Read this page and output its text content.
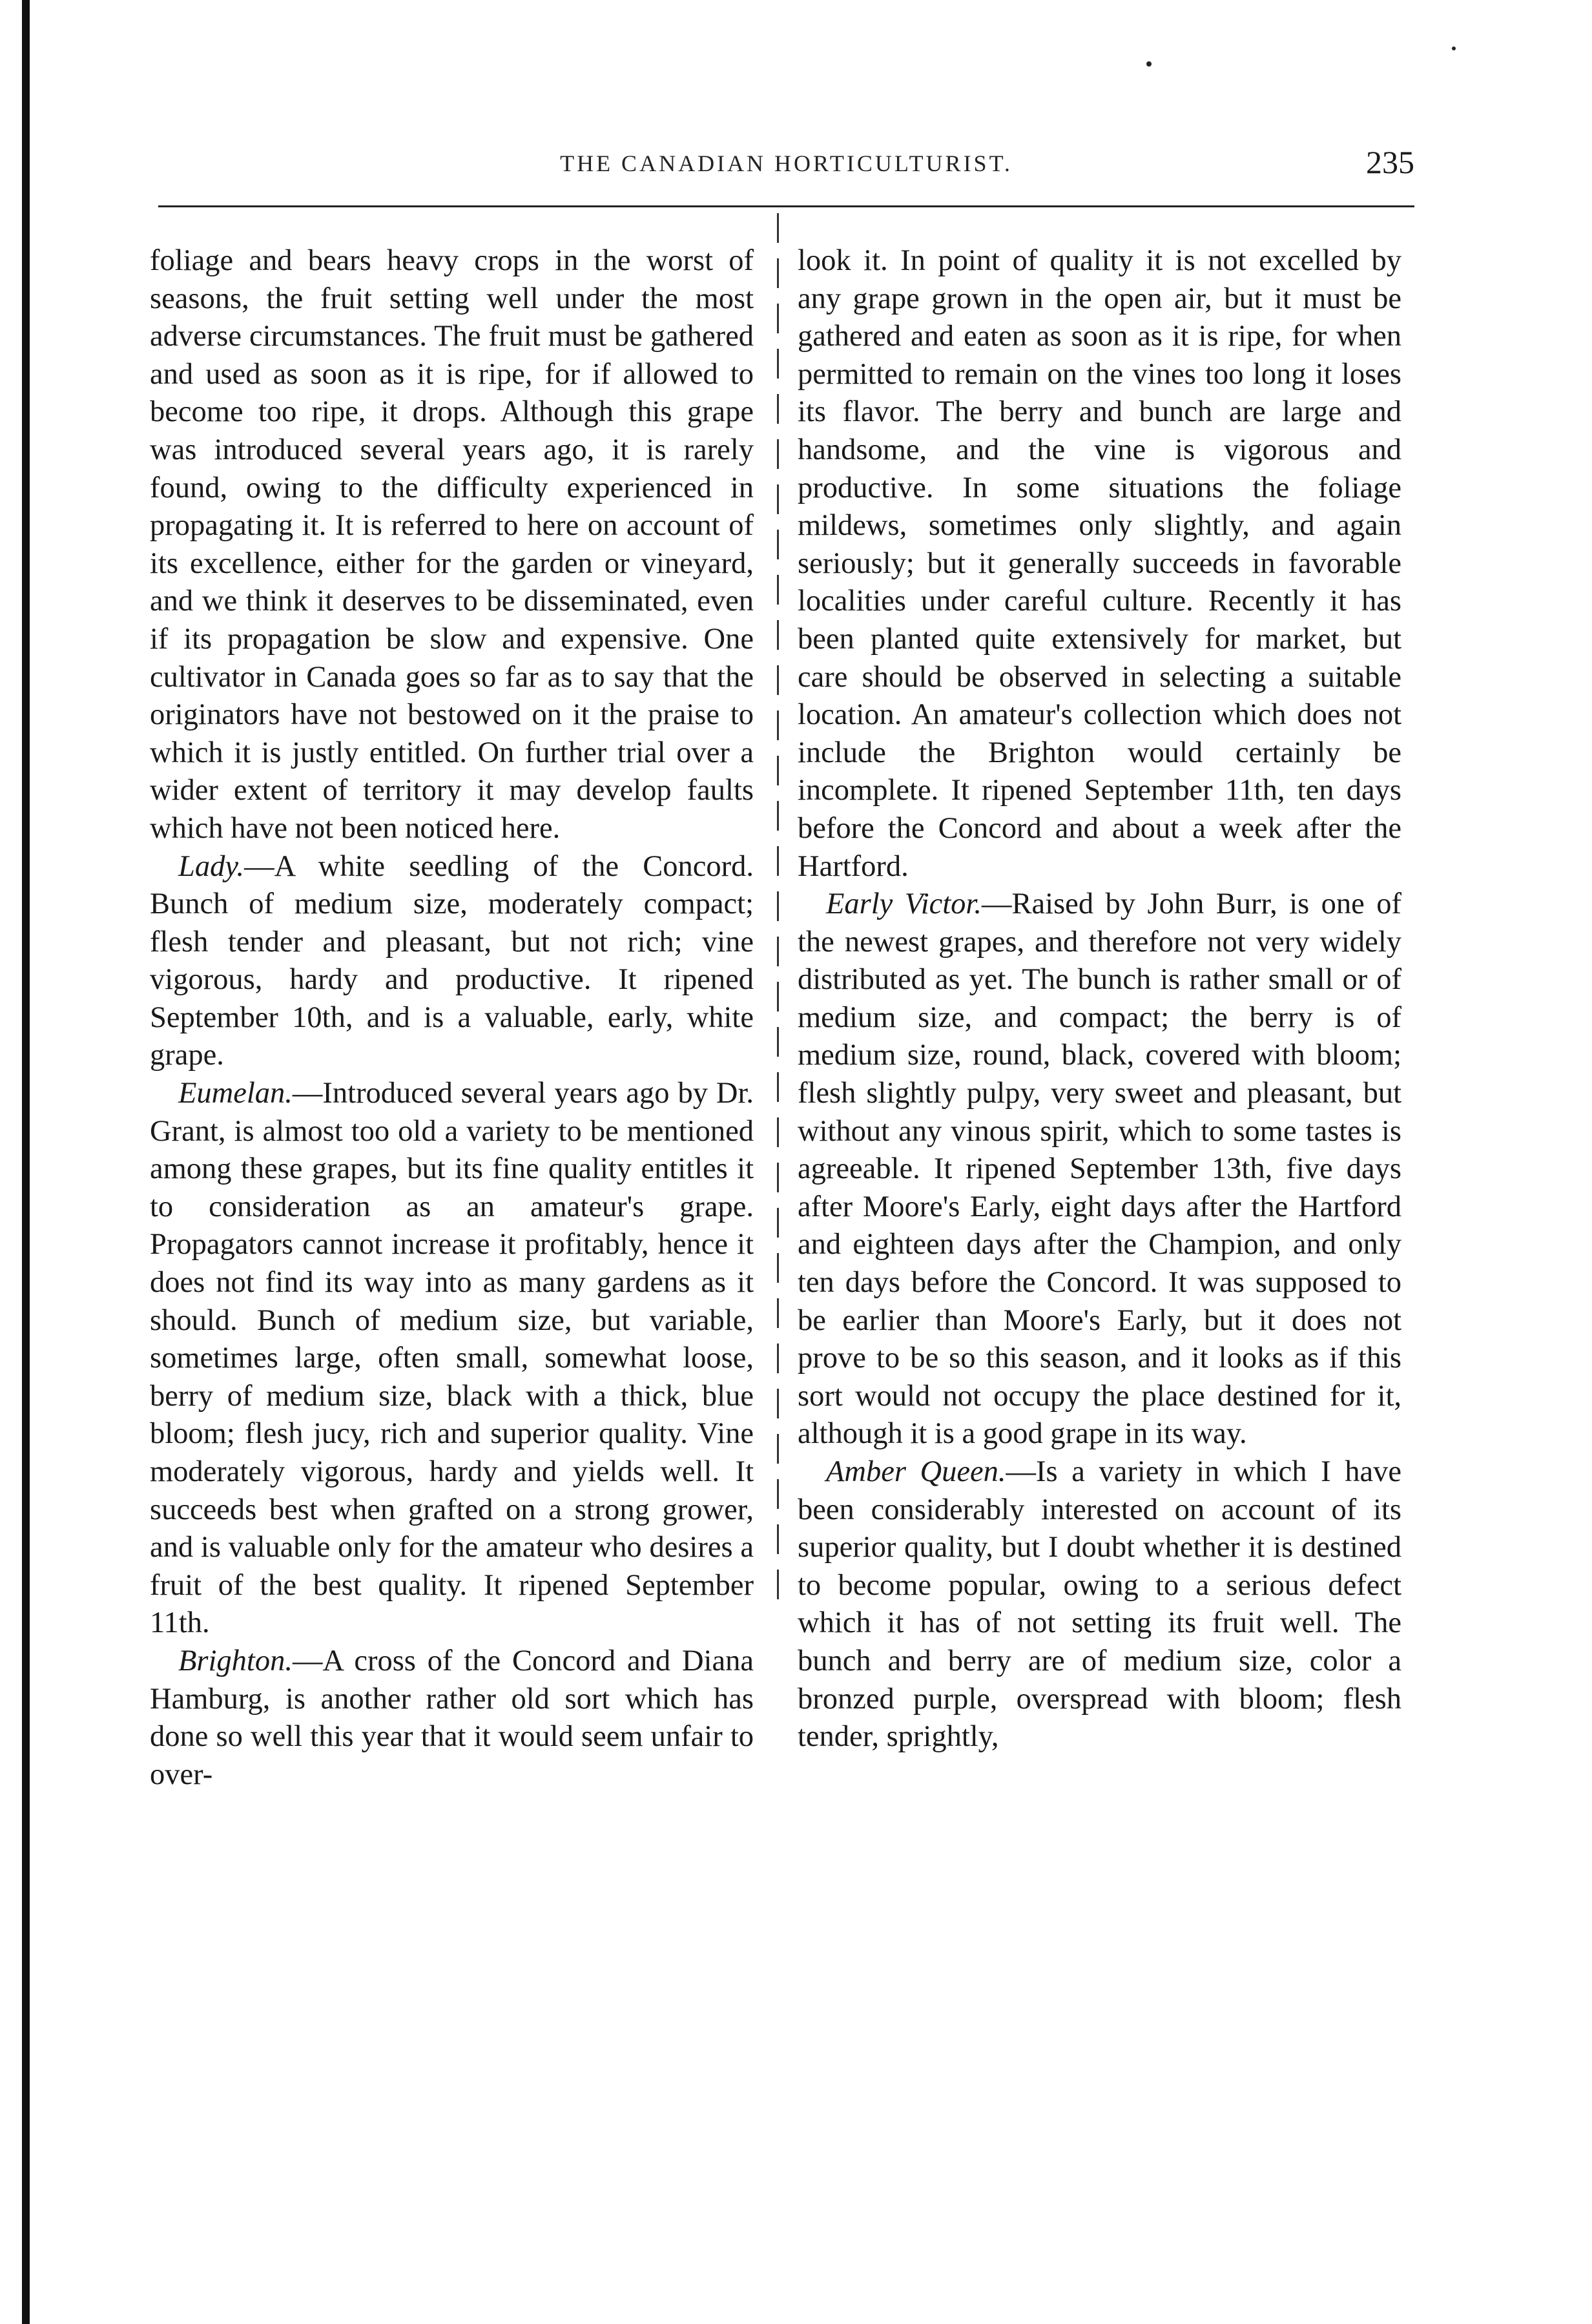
THE CANADIAN HORTICULTURIST.	235

foliage and bears heavy crops in the worst of seasons, the fruit setting well under the most adverse circumstances. The fruit must be gathered and used as soon as it is ripe, for if allowed to become too ripe, it drops. Although this grape was introduced several years ago, it is rarely found, owing to the difficulty experienced in propagating it. It is referred to here on account of its excellence, either for the garden or vineyard, and we think it deserves to be disseminated, even if its propagation be slow and expensive. One cultivator in Canada goes so far as to say that the originators have not bestowed on it the praise to which it is justly entitled. On further trial over a wider extent of territory it may develop faults which have not been noticed here.

Lady.—A white seedling of the Concord. Bunch of medium size, moderately compact; flesh tender and pleasant, but not rich; vine vigorous, hardy and productive. It ripened September 10th, and is a valuable, early, white grape.

Eumelan.—Introduced several years ago by Dr. Grant, is almost too old a variety to be mentioned among these grapes, but its fine quality entitles it to consideration as an amateur's grape. Propagators cannot increase it profitably, hence it does not find its way into as many gardens as it should. Bunch of medium size, but variable, sometimes large, often small, somewhat loose, berry of medium size, black with a thick, blue bloom; flesh jucy, rich and superior quality. Vine moderately vigorous, hardy and yields well. It succeeds best when grafted on a strong grower, and is valuable only for the amateur who desires a fruit of the best quality. It ripened September 11th.

Brighton.—A cross of the Concord and Diana Hamburg, is another rather old sort which has done so well this year that it would seem unfair to over-

look it. In point of quality it is not excelled by any grape grown in the open air, but it must be gathered and eaten as soon as it is ripe, for when permitted to remain on the vines too long it loses its flavor. The berry and bunch are large and handsome, and the vine is vigorous and productive. In some situations the foliage mildews, sometimes only slightly, and again seriously; but it generally succeeds in favorable localities under careful culture. Recently it has been planted quite extensively for market, but care should be observed in selecting a suitable location. An amateur's collection which does not include the Brighton would certainly be incomplete. It ripened September 11th, ten days before the Concord and about a week after the Hartford.

Early Victor.—Raised by John Burr, is one of the newest grapes, and therefore not very widely distributed as yet. The bunch is rather small or of medium size, and compact; the berry is of medium size, round, black, covered with bloom; flesh slightly pulpy, very sweet and pleasant, but without any vinous spirit, which to some tastes is agreeable. It ripened September 13th, five days after Moore's Early, eight days after the Hartford and eighteen days after the Champion, and only ten days before the Concord. It was supposed to be earlier than Moore's Early, but it does not prove to be so this season, and it looks as if this sort would not occupy the place destined for it, although it is a good grape in its way.

Amber Queen.—Is a variety in which I have been considerably interested on account of its superior quality, but I doubt whether it is destined to become popular, owing to a serious defect which it has of not setting its fruit well. The bunch and berry are of medium size, color a bronzed purple, overspread with bloom; flesh tender, sprightly,
